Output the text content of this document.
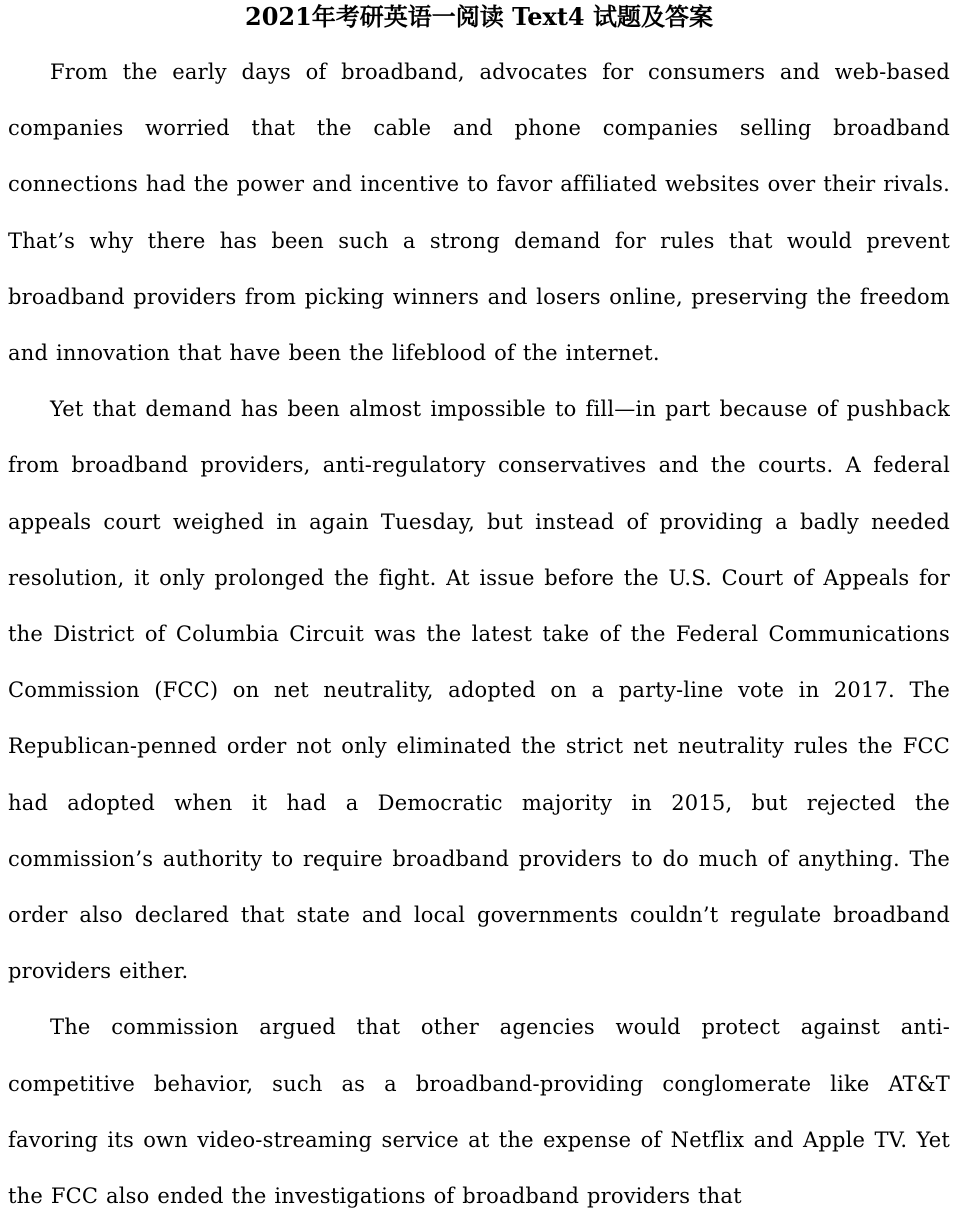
2021年考研英语一阅读 Text4 试题及答案

From the early days of broadband, advocates for consumers and web-based companies worried that the cable and phone companies selling broadband connections had the power and incentive to favor affiliated websites over their rivals. That’s why there has been such a strong demand for rules that would prevent broadband providers from picking winners and losers online, preserving the freedom and innovation that have been the lifeblood of the internet.

Yet that demand has been almost impossible to fill—in part because of pushback from broadband providers, anti-regulatory conservatives and the courts. A federal appeals court weighed in again Tuesday, but instead of providing a badly needed resolution, it only prolonged the fight. At issue before the U.S. Court of Appeals for the District of Columbia Circuit was the latest take of the Federal Communications Commission (FCC) on net neutrality, adopted on a party-line vote in 2017. The Republican-penned order not only eliminated the strict net neutrality rules the FCC had adopted when it had a Democratic majority in 2015, but rejected the commission’s authority to require broadband providers to do much of anything. The order also declared that state and local governments couldn’t regulate broadband providers either.

The commission argued that other agencies would protect against anti-competitive behavior, such as a broadband-providing conglomerate like AT&T favoring its own video-streaming service at the expense of Netflix and Apple TV. Yet the FCC also ended the investigations of broadband providers that
